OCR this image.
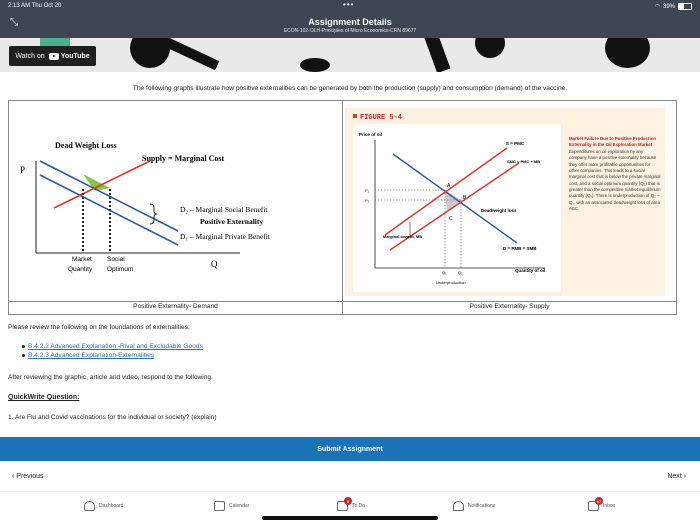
2:13 AM Thu Oct 20	•••	◠ 39%
⤡	Assignment Details
ECON-102-OLH-Principles of Micro Economics-CRN 89677
Watch on YouTube
The following graphs illustrate how positive externalities can be generated by both the production (supply) and consumption (demand) of the vaccine.
Positive Externality- Demand	Positive Externality- Supply
Dead Weight Loss
Supply = Marginal Cost
P
D₂ – Marginal Social Benefit
Positive Externality
D₁ – Marginal Private Benefit
Market
Quantity
Social
Optimum
Q
FIGURE 5-4
Price of oil
A
B
C
P₁
P₂
Q₁	Q₂
S = PMC
SMC = PMC + MB
Deadweight loss
Marginal benefit, MB
D = PMB = SMB
Quantity of oil
Underproduction
Market Failure Due to Positive Production Externality in the Oil Exploration Market Expenditures on oil exploration by any company have a positive externality because they offer more profitable opportunities for other companies. This leads to a social marginal cost that is below the private marginal cost, and a social optimum quantity (Q₂) that is greater than the competitive market equilibrium quantity (Q₁). There is underproduction of Q₂ – Q₁, with an associated deadweight loss of area ABC.
Please review the following on the foundations of externalities.
B.4.2.2 Advanced Explanation -Rival and Excludable Goods
B.4.2.3 Advanced Explanation-Externalities
After reviewing the graphic, article and video, respond to the following.
QuickWrite Question:
1. Are Flu and Covid vaccinations for the individual or society? (explain)
Submit Assignment
‹ Previous	Next ›
Dashboard	Calendar
8
To Do	Notifications
97
Inbox
